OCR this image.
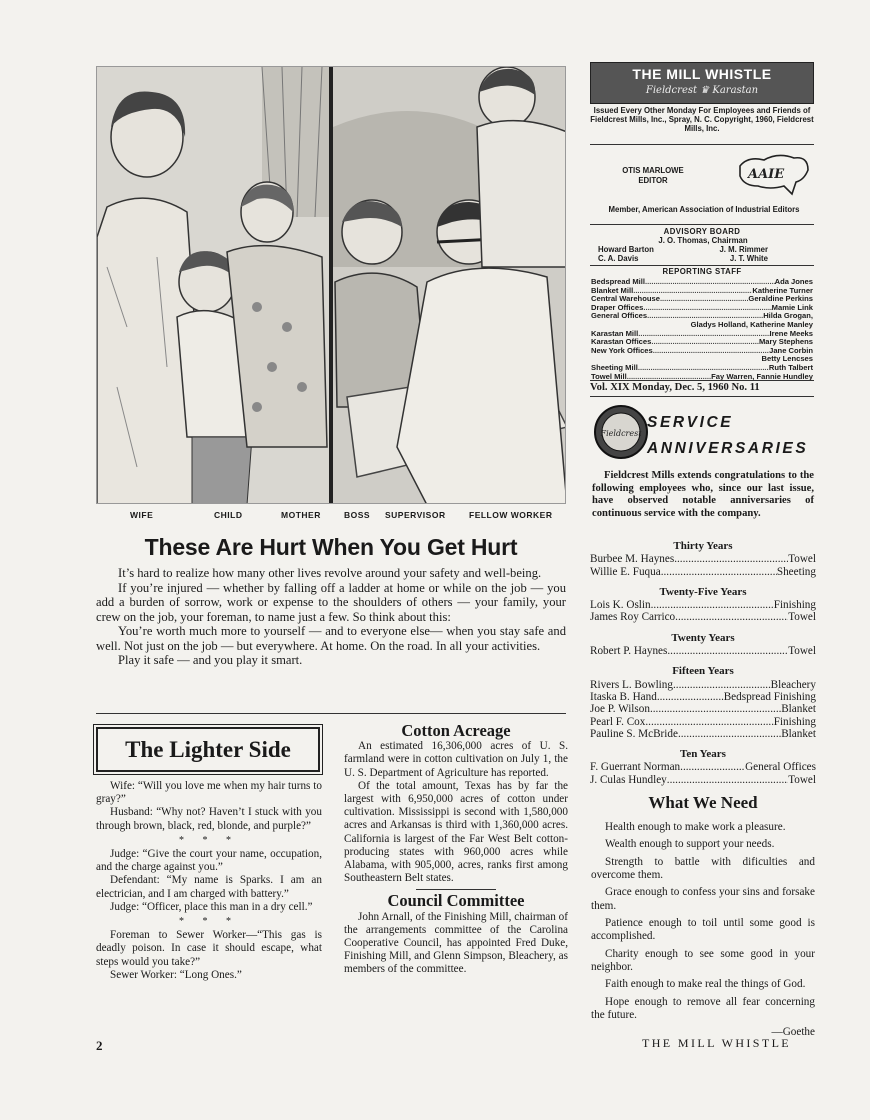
WIFE	CHILD	MOTHER	BOSS SUPERVISOR	FELLOW WORKER
These Are Hurt When You Get Hurt

It’s hard to realize how many other lives revolve around your safety and well-being.

If you’re injured — whether by falling off a ladder at home or while on the job — you add a burden of sorrow, work or expense to the shoulders of others — your family, your crew on the job, your foreman, to name just a few. So think about this:

You’re worth much more to yourself — and to everyone else— when you stay safe and well. Not just on the job — but everywhere. At home. On the road. In all your activities.

Play it safe — and you play it smart.

The Lighter Side

Wife: “Will you love me when my hair turns to gray?”

Husband: “Why not? Haven’t I stuck with you through brown, black, red, blonde, and purple?”

* * *

Judge: “Give the court your name, occupation, and the charge against you.”

Defendant: “My name is Sparks. I am an electrician, and I am charged with battery.”

Judge: “Officer, place this man in a dry cell.”

* * *

Foreman to Sewer Worker—“This gas is deadly poison. In case it should escape, what steps would you take?”

Sewer Worker: “Long Ones.”

Cotton Acreage

An estimated 16,306,000 acres of U. S. farmland were in cotton cultivation on July 1, the U. S. Department of Agriculture has reported.

Of the total amount, Texas has by far the largest with 6,950,000 acres of cotton under cultivation. Mississippi is second with 1,580,000 acres and Arkansas is third with 1,360,000 acres. California is largest of the Far West Belt cotton-producing states with 960,000 acres while Alabama, with 905,000, acres, ranks first among Southeastern Belt states.

Council Committee

John Arnall, of the Finishing Mill, chairman of the arrangements committee of the Carolina Cooperative Council, has appointed Fred Duke, Finishing Mill, and Glenn Simpson, Bleachery, as members of the committee.

2	THE MILL WHISTLE
THE MILL WHISTLE
Fieldcrest ♛ Karastan
Issued Every Other Monday For Employees and Friends of Fieldcrest Mills, Inc., Spray, N. C. Copyright, 1960, Fieldcrest Mills, Inc.
OTIS MARLOWE
EDITOR	AAIE
Member, American Association of Industrial Editors
ADVISORY BOARD
J. O. Thomas, Chairman
Howard Barton	J. M. Rimmer
C. A. Davis	J. T. White
REPORTING STAFF
Bedspread Mill .....	Ada Jones
Blanket Mill .....	Katherine Turner
Central Warehouse .....	Geraldine Perkins
Draper Offices .....	Mamie Link
General Offices .....	Hilda Grogan,
Gladys Holland, Katherine Manley
Karastan Mill .....	Irene Meeks
Karastan Offices .....	Mary Stephens
New York Offices .....	Jane Corbin
Betty Lencses
Sheeting Mill .....	Ruth Talbert
Towel Mill .....	Fay Warren, Fannie Hundley
Vol. XIX Monday, Dec. 5, 1960 No. 11
Fieldcrest
SERVICE
ANNIVERSARIES

Fieldcrest Mills extends congratulations to the following employees who, since our last issue, have observed notable anniversaries of continuous service with the company.

Thirty Years
Burbee M. Haynes .....	Towel
Willie E. Fuqua .....	Sheeting
Twenty-Five Years
Lois K. Oslin .....	Finishing
James Roy Carrico .....	Towel
Twenty Years
Robert P. Haynes .....	Towel
Fifteen Years
Rivers L. Bowling .....	Bleachery
Itaska B. Hand .....	Bedspread Finishing
Joe P. Wilson .....	Blanket
Pearl F. Cox .....	Finishing
Pauline S. McBride .....	Blanket
Ten Years
F. Guerrant Norman .....	General Offices
J. Culas Hundley .....	Towel
What We Need

Health enough to make work a pleasure.

Wealth enough to support your needs.

Strength to battle with dificulties and overcome them.

Grace enough to confess your sins and forsake them.

Patience enough to toil until some good is accomplished.

Charity enough to see some good in your neighbor.

Faith enough to make real the things of God.

Hope enough to remove all fear concerning the future.

—Goethe
